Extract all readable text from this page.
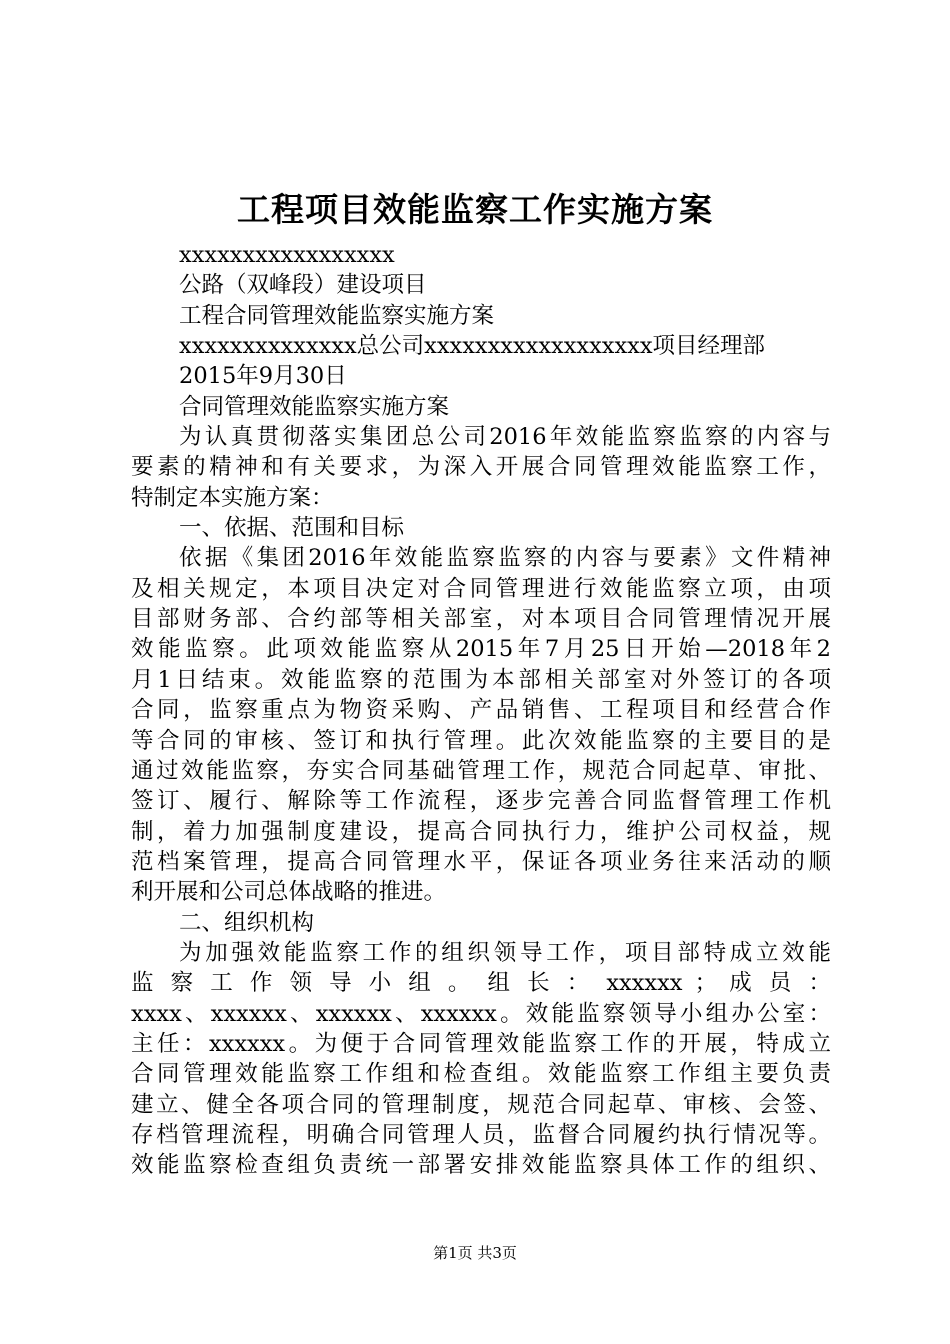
工程项目效能监察工作实施方案
xxxxxxxxxxxxxxxxx
公路（双峰段）建设项目
工程合同管理效能监察实施方案
xxxxxxxxxxxxxx总公司xxxxxxxxxxxxxxxxxx项目经理部
2015年9月30日
合同管理效能监察实施方案
为认真贯彻落实集团总公司2016年效能监察监察的内容与
要素的精神和有关要求，为深入开展合同管理效能监察工作，
特制定本实施方案：
一、依据、范围和目标
依据《集团2016年效能监察监察的内容与要素》文件精神
及相关规定，本项目决定对合同管理进行效能监察立项，由项
目部财务部、合约部等相关部室，对本项目合同管理情况开展
效能监察。此项效能监察从2015年7月25日开始—2018年2
月1日结束。效能监察的范围为本部相关部室对外签订的各项
合同，监察重点为物资采购、产品销售、工程项目和经营合作
等合同的审核、签订和执行管理。此次效能监察的主要目的是
通过效能监察，夯实合同基础管理工作，规范合同起草、审批、
签订、履行、解除等工作流程，逐步完善合同监督管理工作机
制，着力加强制度建设，提高合同执行力，维护公司权益，规
范档案管理，提高合同管理水平，保证各项业务往来活动的顺
利开展和公司总体战略的推进。
二、组织机构
为加强效能监察工作的组织领导工作，项目部特成立效能
监 察 工 作 领 导 小 组 。 组 长 ： xxxxxx ； 成 员 ：
xxxx、xxxxxx、xxxxxx、xxxxxx。效能监察领导小组办公室：
主任：xxxxxx。为便于合同管理效能监察工作的开展，特成立
合同管理效能监察工作组和检查组。效能监察工作组主要负责
建立、健全各项合同的管理制度，规范合同起草、审核、会签、
存档管理流程，明确合同管理人员，监督合同履约执行情况等。
效能监察检查组负责统一部署安排效能监察具体工作的组织、
第1页 共3页
